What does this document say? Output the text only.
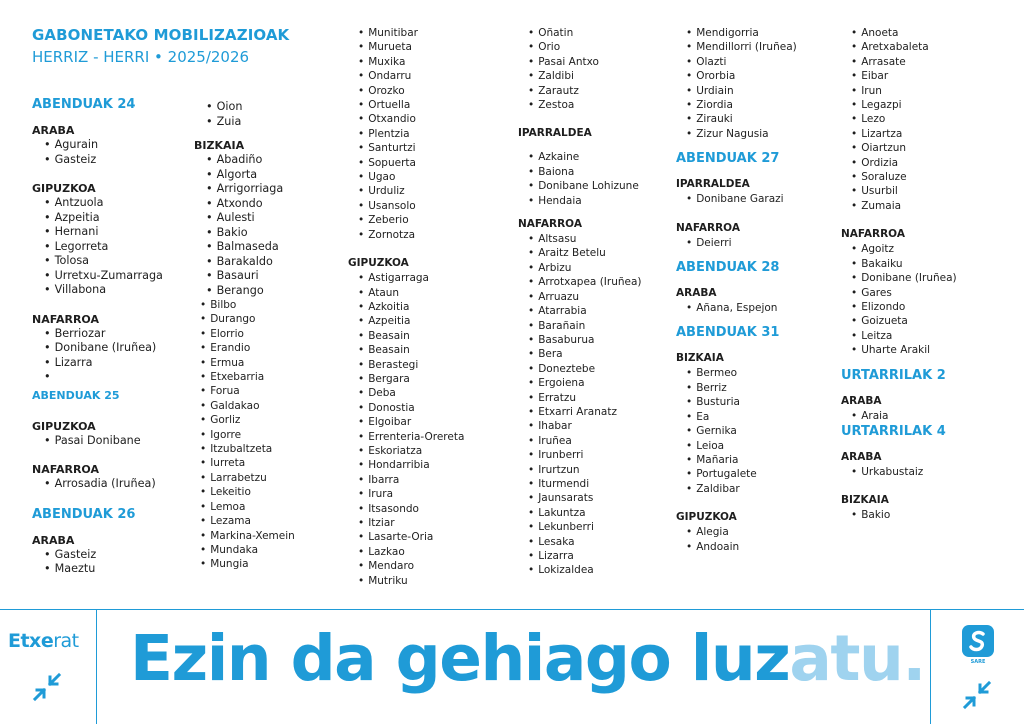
GABONETAKO MOBILIZAZIOAK
HERRIZ - HERRI • 2025/2026
ABENDUAK 24
ARABA
• Agurain
• Gasteiz
GIPUZKOA
• Antzuola
• Azpeitia
• Hernani
• Legorreta
• Tolosa
• Urretxu-Zumarraga
• Villabona
NAFARROA
• Berriozar
• Donibane (Iruñea)
• Lizarra
•
ABENDUAK 25
GIPUZKOA
• Pasai Donibane
NAFARROA
• Arrosadia (Iruñea)
ABENDUAK 26
ARABA
• Gasteiz
• Maeztu
• Oion
• Zuia
BIZKAIA
• Abadiño
• Algorta
• Arrigorriaga
• Atxondo
• Aulesti
• Bakio
• Balmaseda
• Barakaldo
• Basauri
• Berango
• Bilbo
• Durango
• Elorrio
• Erandio
• Ermua
• Etxebarria
• Forua
• Galdakao
• Gorliz
• Igorre
• Itzubaltzeta
• Iurreta
• Larrabetzu
• Lekeitio
• Lemoa
• Lezama
• Markina-Xemein
• Mundaka
• Mungia
• Munitibar
• Murueta
• Muxika
• Ondarru
• Orozko
• Ortuella
• Otxandio
• Plentzia
• Santurtzi
• Sopuerta
• Ugao
• Urduliz
• Usansolo
• Zeberio
• Zornotza
GIPUZKOA
• Astigarraga
• Ataun
• Azkoitia
• Azpeitia
• Beasain
• Beasain
• Berastegi
• Bergara
• Deba
• Donostia
• Elgoibar
• Errenteria-Orereta
• Eskoriatza
• Hondarribia
• Ibarra
• Irura
• Itsasondo
• Itziar
• Lasarte-Oria
• Lazkao
• Mendaro
• Mutriku
• Oñatin
• Orio
• Pasai Antxo
• Zaldibi
• Zarautz
• Zestoa
IPARRALDEA
• Azkaine
• Baiona
• Donibane Lohizune
• Hendaia
NAFARROA
• Altsasu
• Araitz Betelu
• Arbizu
• Arrotxapea (Iruñea)
• Arruazu
• Atarrabia
• Barañain
• Basaburua
• Bera
• Doneztebe
• Ergoiena
• Erratzu
• Etxarri Aranatz
• Ihabar
• Iruñea
• Irunberri
• Irurtzun
• Iturmendi
• Jaunsarats
• Lakuntza
• Lekunberri
• Lesaka
• Lizarra
• Lokizaldea
• Mendigorria
• Mendillorri (Iruñea)
• Olazti
• Ororbia
• Urdiain
• Ziordia
• Zirauki
• Zizur Nagusia
ABENDUAK 27
IPARRALDEA
• Donibane Garazi
NAFARROA
• Deierri
ABENDUAK 28
ARABA
• Añana, Espejon
ABENDUAK 31
BIZKAIA
• Bermeo
• Berriz
• Busturia
• Ea
• Gernika
• Leioa
• Mañaria
• Portugalete
• Zaldibar
GIPUZKOA
• Alegia
• Andoain
• Anoeta
• Aretxabaleta
• Arrasate
• Eibar
• Irun
• Legazpi
• Lezo
• Lizartza
• Oiartzun
• Ordizia
• Soraluze
• Usurbil
• Zumaia
NAFARROA
• Agoitz
• Bakaiku
• Donibane (Iruñea)
• Gares
• Elizondo
• Goizueta
• Leitza
• Uharte Arakil
URTARRILAK 2
ARABA
• Araia
URTARRILAK 4
ARABA
• Urkabustaiz
BIZKAIA
• Bakio
Etxerat Ezin da gehiago luzatu.	SARE
